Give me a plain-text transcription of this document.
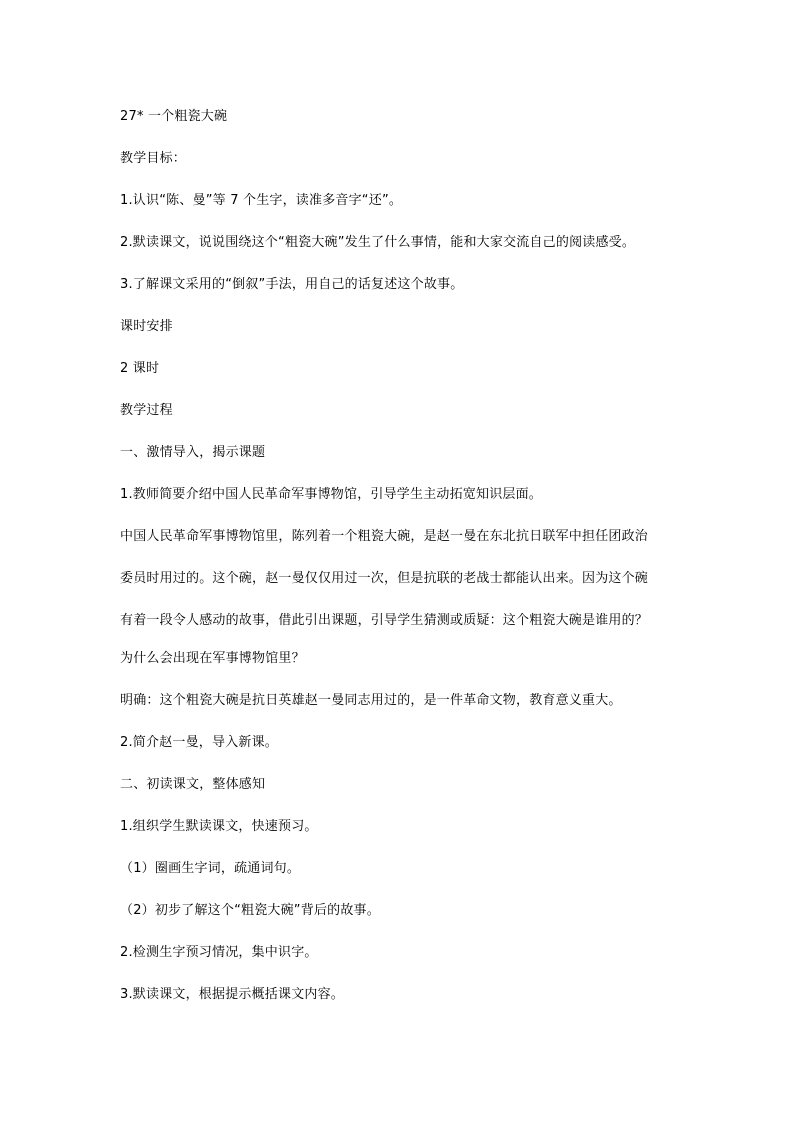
27* 一个粗瓷大碗
教学目标：
1.认识“陈、曼”等 7 个生字，读准多音字“还”。
2.默读课文，说说围绕这个“粗瓷大碗”发生了什么事情，能和大家交流自己的阅读感受。
3.了解课文采用的“倒叙”手法，用自己的话复述这个故事。
课时安排
2 课时
教学过程
一、激情导入，揭示课题
1.教师简要介绍中国人民革命军事博物馆，引导学生主动拓宽知识层面。
中国人民革命军事博物馆里，陈列着一个粗瓷大碗，是赵一曼在东北抗日联军中担任团政治
委员时用过的。这个碗，赵一曼仅仅用过一次，但是抗联的老战士都能认出来。因为这个碗
有着一段令人感动的故事，借此引出课题，引导学生猜测或质疑：这个粗瓷大碗是谁用的？
为什么会出现在军事博物馆里？
明确：这个粗瓷大碗是抗日英雄赵一曼同志用过的，是一件革命文物，教育意义重大。
2.简介赵一曼，导入新课。
二、初读课文，整体感知
1.组织学生默读课文，快速预习。
（1）圈画生字词，疏通词句。
（2）初步了解这个“粗瓷大碗”背后的故事。
2.检测生字预习情况，集中识字。
3.默读课文，根据提示概括课文内容。
